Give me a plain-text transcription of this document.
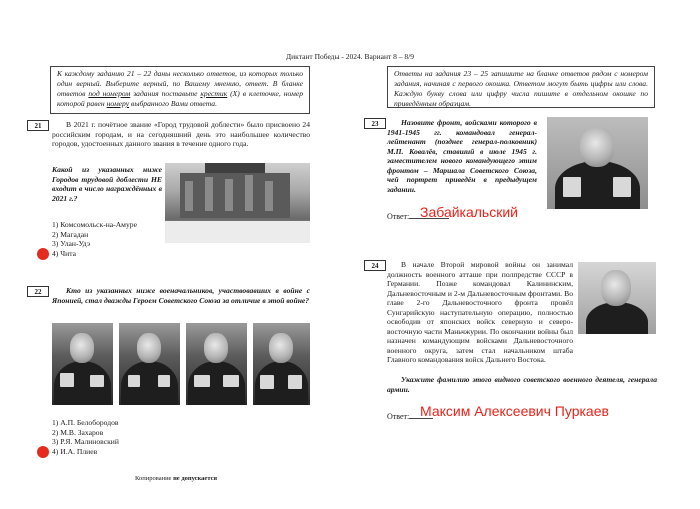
Диктант Победы - 2024. Вариант 8 – 8/9
К каждому заданию 21 – 22 даны несколько ответов, из которых только один верный. Выберите верный, по Вашему мнению, ответ. В бланке ответов под номером задания поставьте крестик (Х) в клеточке, номер которой равен номеру выбранного Вами ответа.
Ответы на задания 23 – 25 запишите на бланке ответов рядом с номером задания, начиная с первого окошка. Ответом могут быть цифры или слова. Каждую букву слова или цифру числа пишите в отдельном окошке по приведённым образцам.
21	В 2021 г. почётное звание «Город трудовой доблести» было присвоено 24 российским городам, и на сегодняшний день это наибольшее количество городов, удостоенных данного звания в течение одного года.
Какой из указанных ниже Городов трудовой доблести НЕ входит в число награждённых в 2021 г.?
1) Комсомольск-на-Амуре
2) Магадан
3) Улан-Удэ
4) Чита
22	Кто из указанных ниже военачальников, участвовавших в войне с Японией, стал дважды Героем Советского Союза за отличие в этой войне?
1) А.П. Белобородов
2) М.В. Захаров
3) Р.Я. Малиновский
4) И.А. Плиев
Копирование не допускается
23	Назовите фронт, войсками которого в 1941-1945 гг. командовал генерал-лейтенант (позднее генерал-полковник) М.П. Ковалёв, ставший в июле 1945 г. заместителем нового командующего этим фронтом – Маршала Советского Союза, чей портрет приведён в предыдущем задании.
Ответ: Забайкальский
24	В начале Второй мировой войны он занимал должность военного атташе при полпредстве СССР в Германии. Позже командовал Калининским, Дальневосточным и 2-м Дальневосточным фронтами. Во главе 2-го Дальневосточного фронта провёл Сунгарийскую наступательную операцию, полностью освободив от японских войск северную и северо-восточную части Маньчжурии. По окончании войны был назначен командующим войсками Дальневосточного военного округа, затем стал начальником штаба Главного командования войск Дальнего Востока.
Укажите фамилию этого видного советского военного деятеля, генерала армии.
Ответ: Максим Алексеевич Пуркаев
